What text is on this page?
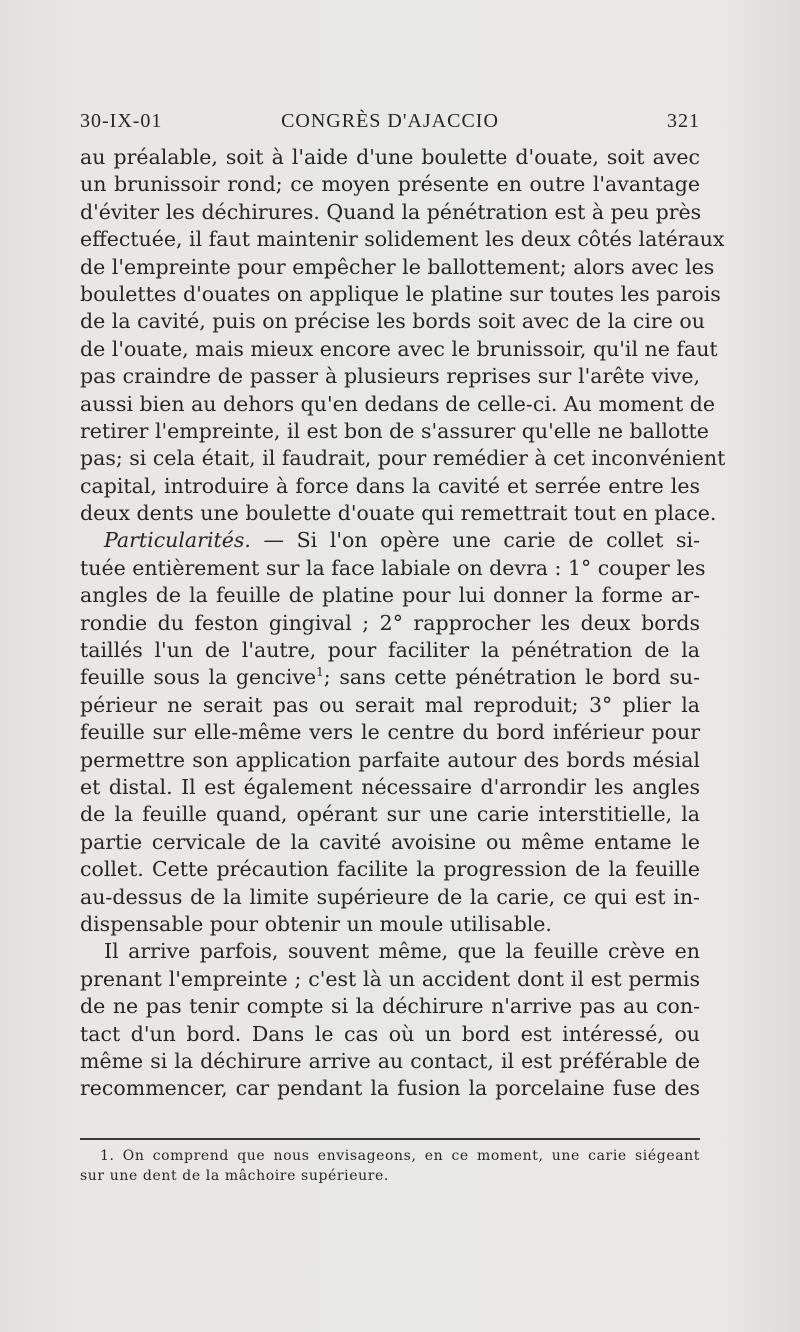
30-IX-01	CONGRÈS D'AJACCIO	321
au préalable, soit à l'aide d'une boulette d'ouate, soit avec
un brunissoir rond; ce moyen présente en outre l'avantage
d'éviter les déchirures. Quand la pénétration est à peu près
effectuée, il faut maintenir solidement les deux côtés latéraux
de l'empreinte pour empêcher le ballottement; alors avec les
boulettes d'ouates on applique le platine sur toutes les parois
de la cavité, puis on précise les bords soit avec de la cire ou
de l'ouate, mais mieux encore avec le brunissoir, qu'il ne faut
pas craindre de passer à plusieurs reprises sur l'arête vive,
aussi bien au dehors qu'en dedans de celle-ci. Au moment de
retirer l'empreinte, il est bon de s'assurer qu'elle ne ballotte
pas; si cela était, il faudrait, pour remédier à cet inconvénient
capital, introduire à force dans la cavité et serrée entre les
deux dents une boulette d'ouate qui remettrait tout en place.
Particularités. — Si l'on opère une carie de collet si-
tuée entièrement sur la face labiale on devra : 1° couper les
angles de la feuille de platine pour lui donner la forme ar-
rondie du feston gingival ; 2° rapprocher les deux bords
taillés l'un de l'autre, pour faciliter la pénétration de la
feuille sous la gencive$^1$; sans cette pénétration le bord su-
périeur ne serait pas ou serait mal reproduit; 3° plier la
feuille sur elle-même vers le centre du bord inférieur pour
permettre son application parfaite autour des bords mésial
et distal. Il est également nécessaire d'arrondir les angles
de la feuille quand, opérant sur une carie interstitielle, la
partie cervicale de la cavité avoisine ou même entame le
collet. Cette précaution facilite la progression de la feuille
au-dessus de la limite supérieure de la carie, ce qui est in-
dispensable pour obtenir un moule utilisable.
Il arrive parfois, souvent même, que la feuille crève en
prenant l'empreinte ; c'est là un accident dont il est permis
de ne pas tenir compte si la déchirure n'arrive pas au con-
tact d'un bord. Dans le cas où un bord est intéressé, ou
même si la déchirure arrive au contact, il est préférable de
recommencer, car pendant la fusion la porcelaine fuse des
1. On comprend que nous envisageons, en ce moment, une carie siégeant
sur une dent de la mâchoire supérieure.
